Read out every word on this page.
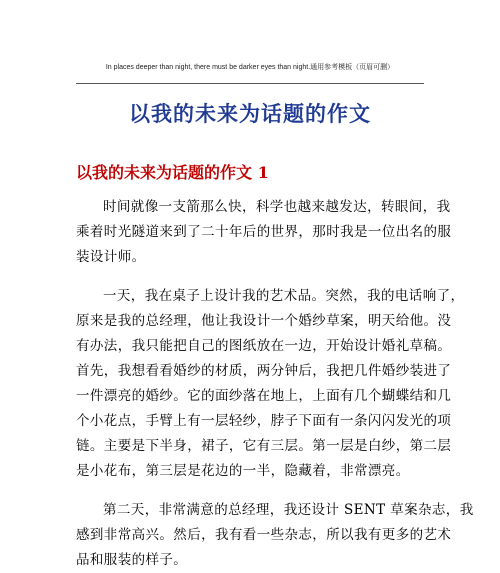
In places deeper than night, there must be darker eyes than night.通用参考模板（页眉可删）
以我的未来为话题的作文
以我的未来为话题的作文 1
时间就像一支箭那么快，科学也越来越发达，转眼间，我
乘着时光隧道来到了二十年后的世界，那时我是一位出名的服
装设计师。
一天，我在桌子上设计我的艺术品。突然，我的电话响了，
原来是我的总经理，他让我设计一个婚纱草案，明天给他。没
有办法，我只能把自己的图纸放在一边，开始设计婚礼草稿。
首先，我想看看婚纱的材质，两分钟后，我把几件婚纱装进了
一件漂亮的婚纱。它的面纱落在地上，上面有几个蝴蝶结和几
个小花点，手臂上有一层轻纱，脖子下面有一条闪闪发光的项
链。主要是下半身，裙子，它有三层。第一层是白纱，第二层
是小花布，第三层是花边的一半，隐藏着，非常漂亮。
第二天，非常满意的总经理，我还设计 SENT 草案杂志，我
感到非常高兴。然后，我有看一些杂志，所以我有更多的艺术
品和服装的样子。
